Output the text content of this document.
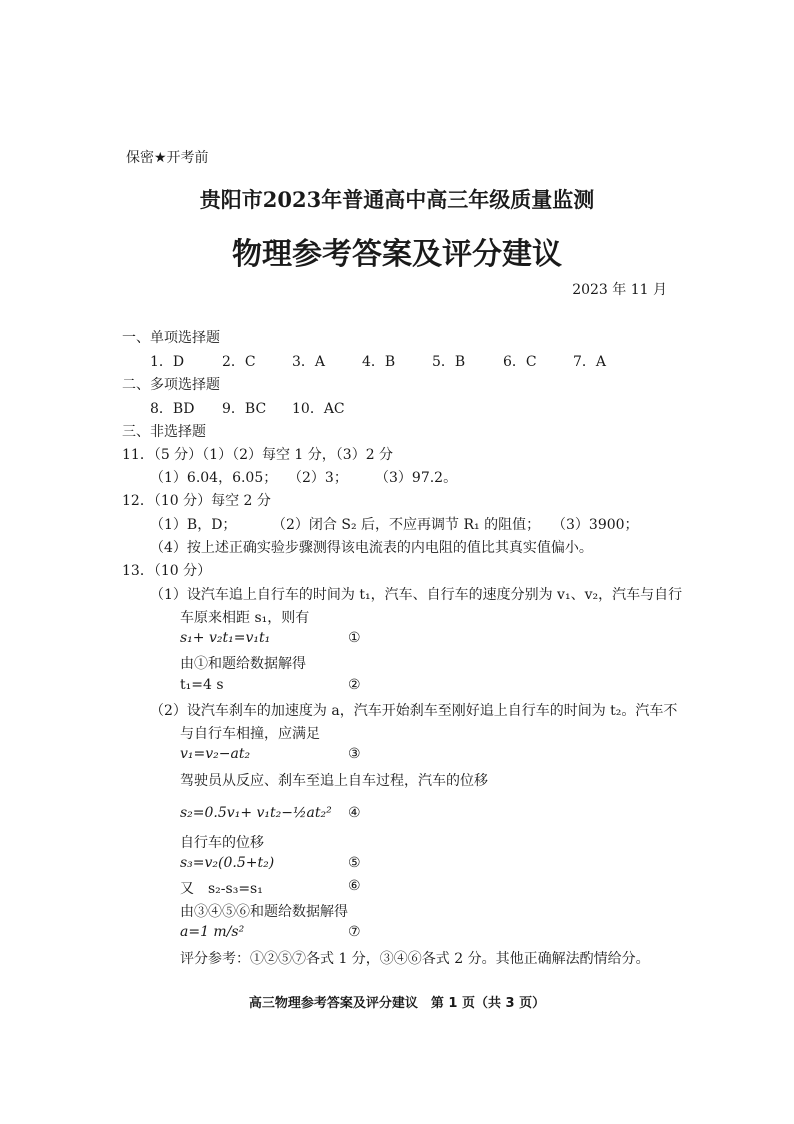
保密★开考前
贵阳市2023年普通高中高三年级质量监测
物理参考答案及评分建议
2023 年 11 月
一、单项选择题
1．D	2．C	3．A	4．B	5．B	6．C	7．A
二、多项选择题
8．BD 9．BC 10．AC
三、非选择题
11．（5 分）（1）（2）每空 1 分，（3）2 分
（1）6.04，6.05； （2）3； （3）97.2。
12．（10 分）每空 2 分
（1）B，D；	（2）闭合 S₂ 后，不应再调节 R₁ 的阻值； （3）3900；
（4）按上述正确实验步骤测得该电流表的内电阻的值比其真实值偏小。
13．（10 分）
（1）设汽车追上自行车的时间为 t₁，汽车、自行车的速度分别为 v₁、v₂，汽车与自行
车原来相距 s₁，则有
s₁+ v₂t₁=v₁t₁	①
由①和题给数据解得
t₁=4 s	②
（2）设汽车刹车的加速度为 a，汽车开始刹车至刚好追上自行车的时间为 t₂。汽车不
与自行车相撞，应满足
v₁=v₂−at₂	③
驾驶员从反应、刹车至追上自车过程，汽车的位移
s₂=0.5v₁+ v₁t₂−½at₂² ④
自行车的位移
s₃=v₂(0.5+t₂)	⑤
又　s₂-s₃=s₁	⑥
由③④⑤⑥和题给数据解得
a=1 m/s²	⑦
评分参考：①②⑤⑦各式 1 分，③④⑥各式 2 分。其他正确解法酌情给分。
高三物理参考答案及评分建议　第 1 页（共 3 页）
